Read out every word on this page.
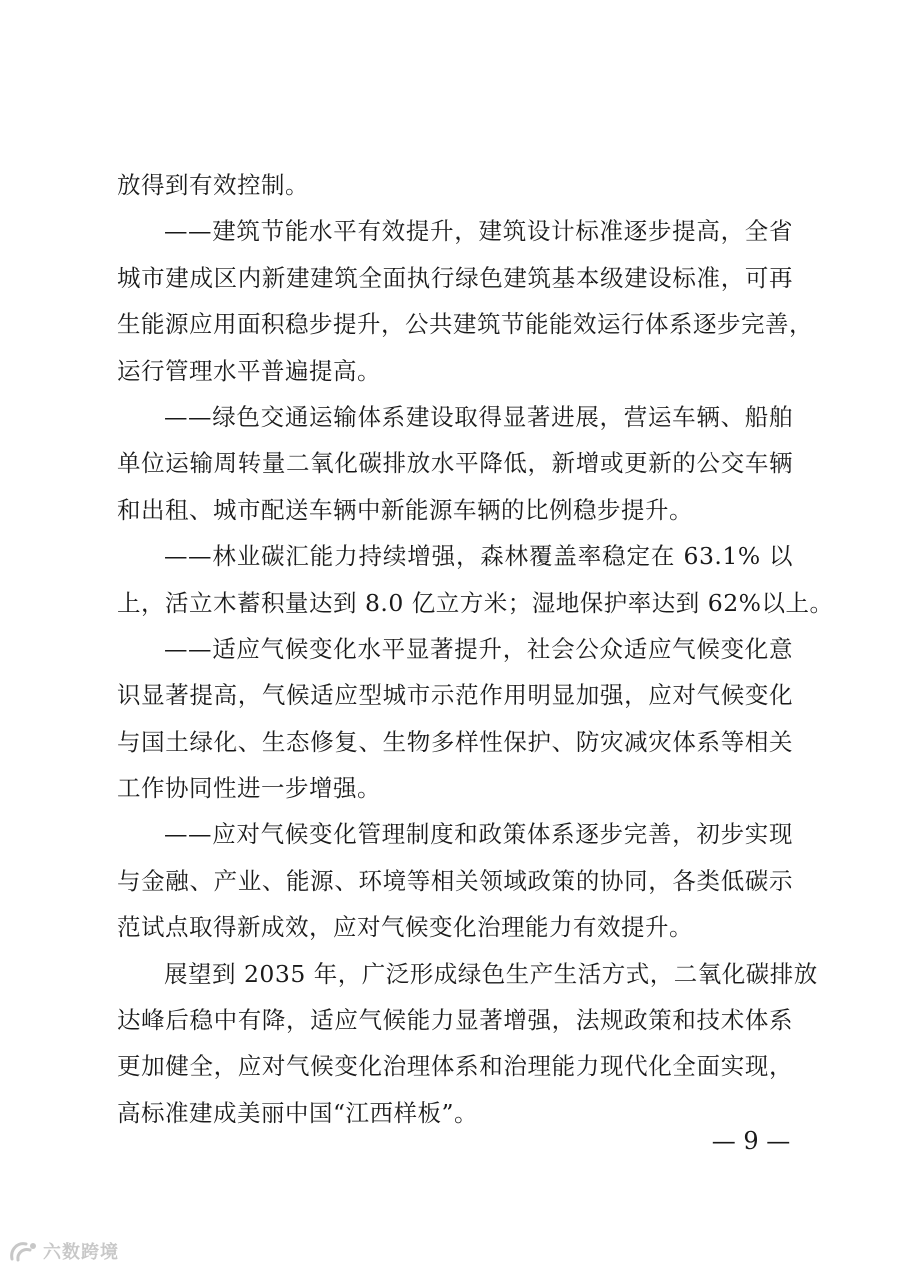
放得到有效控制。
——建筑节能水平有效提升，建筑设计标准逐步提高，全省
城市建成区内新建建筑全面执行绿色建筑基本级建设标准，可再
生能源应用面积稳步提升，公共建筑节能能效运行体系逐步完善，
运行管理水平普遍提高。
——绿色交通运输体系建设取得显著进展，营运车辆、船舶
单位运输周转量二氧化碳排放水平降低，新增或更新的公交车辆
和出租、城市配送车辆中新能源车辆的比例稳步提升。
——林业碳汇能力持续增强，森林覆盖率稳定在 63.1% 以
上，活立木蓄积量达到 8.0 亿立方米；湿地保护率达到 62%以上。
——适应气候变化水平显著提升，社会公众适应气候变化意
识显著提高，气候适应型城市示范作用明显加强，应对气候变化
与国土绿化、生态修复、生物多样性保护、防灾减灾体系等相关
工作协同性进一步增强。
——应对气候变化管理制度和政策体系逐步完善，初步实现
与金融、产业、能源、环境等相关领域政策的协同，各类低碳示
范试点取得新成效，应对气候变化治理能力有效提升。
展望到 2035 年，广泛形成绿色生产生活方式，二氧化碳排放
达峰后稳中有降，适应气候能力显著增强，法规政策和技术体系
更加健全，应对气候变化治理体系和治理能力现代化全面实现，
高标准建成美丽中国“江西样板”。
— 9 —
六数跨境
